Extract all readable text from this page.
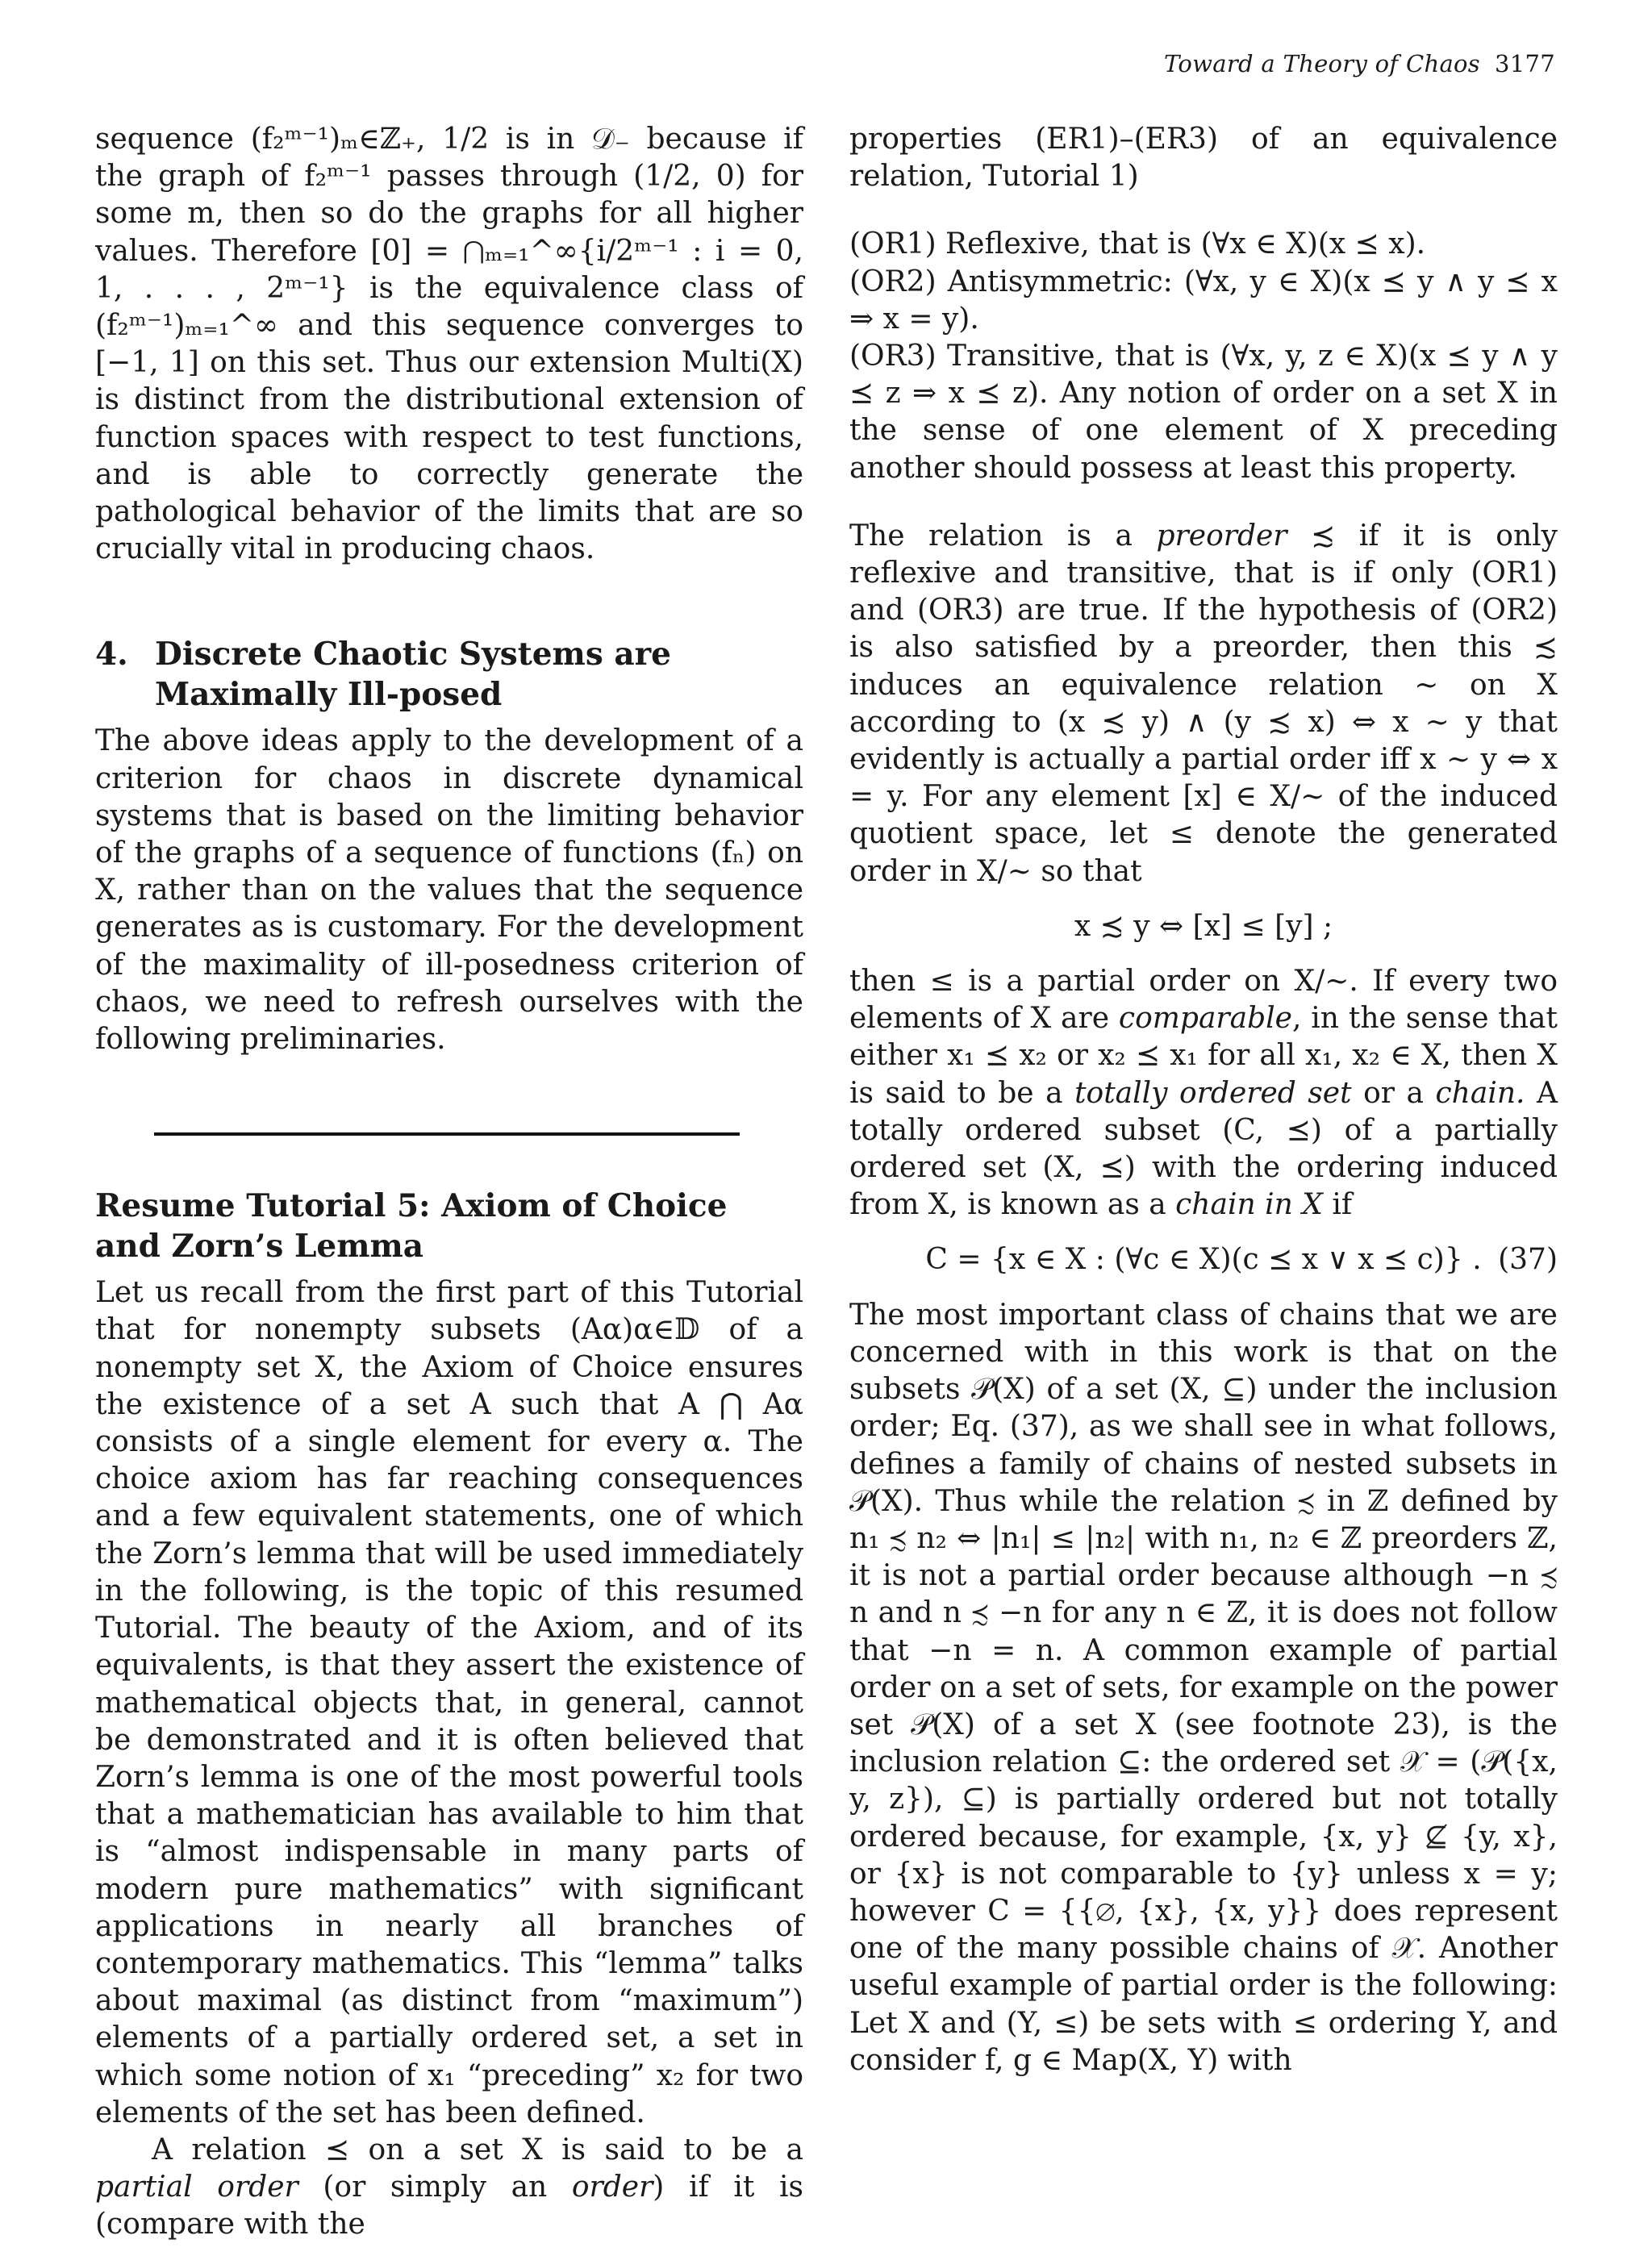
Toward a Theory of Chaos 3177

sequence (f₂ᵐ⁻¹)ₘ∈ℤ₊, 1/2 is in 𝒟₋ because if the graph of f₂ᵐ⁻¹ passes through (1/2, 0) for some m, then so do the graphs for all higher values. Therefore [0] = ⋂ₘ₌₁^∞{i/2ᵐ⁻¹ : i = 0, 1, . . . , 2ᵐ⁻¹} is the equivalence class of (f₂ᵐ⁻¹)ₘ₌₁^∞ and this sequence converges to [−1, 1] on this set. Thus our extension Multi(X) is distinct from the distributional extension of function spaces with respect to test functions, and is able to correctly generate the pathological behavior of the limits that are so crucially vital in producing chaos.

4. Discrete Chaotic Systems are
Maximally Ill-posed

The above ideas apply to the development of a criterion for chaos in discrete dynamical systems that is based on the limiting behavior of the graphs of a sequence of functions (fₙ) on X, rather than on the values that the sequence generates as is customary. For the development of the maximality of ill-posedness criterion of chaos, we need to refresh ourselves with the following preliminaries.

Resume Tutorial 5: Axiom of Choice
and Zorn’s Lemma

Let us recall from the first part of this Tutorial that for nonempty subsets (Aα)α∈𝔻 of a nonempty set X, the Axiom of Choice ensures the existence of a set A such that A ⋂ Aα consists of a single element for every α. The choice axiom has far reaching consequences and a few equivalent statements, one of which the Zorn’s lemma that will be used immediately in the following, is the topic of this resumed Tutorial. The beauty of the Axiom, and of its equivalents, is that they assert the existence of mathematical objects that, in general, cannot be demonstrated and it is often believed that Zorn’s lemma is one of the most powerful tools that a mathematician has available to him that is “almost indispensable in many parts of modern pure mathematics” with significant applications in nearly all branches of contemporary mathematics. This “lemma” talks about maximal (as distinct from “maximum”) elements of a partially ordered set, a set in which some notion of x₁ “preceding” x₂ for two elements of the set has been defined.

A relation ⪯ on a set X is said to be a partial order (or simply an order) if it is (compare with the

properties (ER1)–(ER3) of an equivalence relation, Tutorial 1)

(OR1) Reflexive, that is (∀x ∈ X)(x ⪯ x).

(OR2) Antisymmetric: (∀x, y ∈ X)(x ⪯ y ∧ y ⪯ x ⇒ x = y).

(OR3) Transitive, that is (∀x, y, z ∈ X)(x ⪯ y ∧ y ⪯ z ⇒ x ⪯ z). Any notion of order on a set X in the sense of one element of X preceding another should possess at least this property.

The relation is a preorder ≾ if it is only reflexive and transitive, that is if only (OR1) and (OR3) are true. If the hypothesis of (OR2) is also satisfied by a preorder, then this ≾ induces an equivalence relation ∼ on X according to (x ≾ y) ∧ (y ≾ x) ⇔ x ∼ y that evidently is actually a partial order iff x ∼ y ⇔ x = y. For any element [x] ∈ X/∼ of the induced quotient space, let ≤ denote the generated order in X/∼ so that

x ≾ y ⇔ [x] ≤ [y] ;

then ≤ is a partial order on X/∼. If every two elements of X are comparable, in the sense that either x₁ ⪯ x₂ or x₂ ⪯ x₁ for all x₁, x₂ ∈ X, then X is said to be a totally ordered set or a chain. A totally ordered subset (C, ⪯) of a partially ordered set (X, ⪯) with the ordering induced from X, is known as a chain in X if

C = {x ∈ X : (∀c ∈ X)(c ⪯ x ∨ x ⪯ c)} . (37)

The most important class of chains that we are concerned with in this work is that on the subsets 𝒫(X) of a set (X, ⊆) under the inclusion order; Eq. (37), as we shall see in what follows, defines a family of chains of nested subsets in 𝒫(X). Thus while the relation ≾ in ℤ defined by n₁ ≾ n₂ ⇔ |n₁| ≤ |n₂| with n₁, n₂ ∈ ℤ preorders ℤ, it is not a partial order because although −n ≾ n and n ≾ −n for any n ∈ ℤ, it is does not follow that −n = n. A common example of partial order on a set of sets, for example on the power set 𝒫(X) of a set X (see footnote 23), is the inclusion relation ⊆: the ordered set 𝒳 = (𝒫({x, y, z}), ⊆) is partially ordered but not totally ordered because, for example, {x, y} ⊈ {y, x}, or {x} is not comparable to {y} unless x = y; however C = {{∅, {x}, {x, y}} does represent one of the many possible chains of 𝒳. Another useful example of partial order is the following: Let X and (Y, ≤) be sets with ≤ ordering Y, and consider f, g ∈ Map(X, Y) with
